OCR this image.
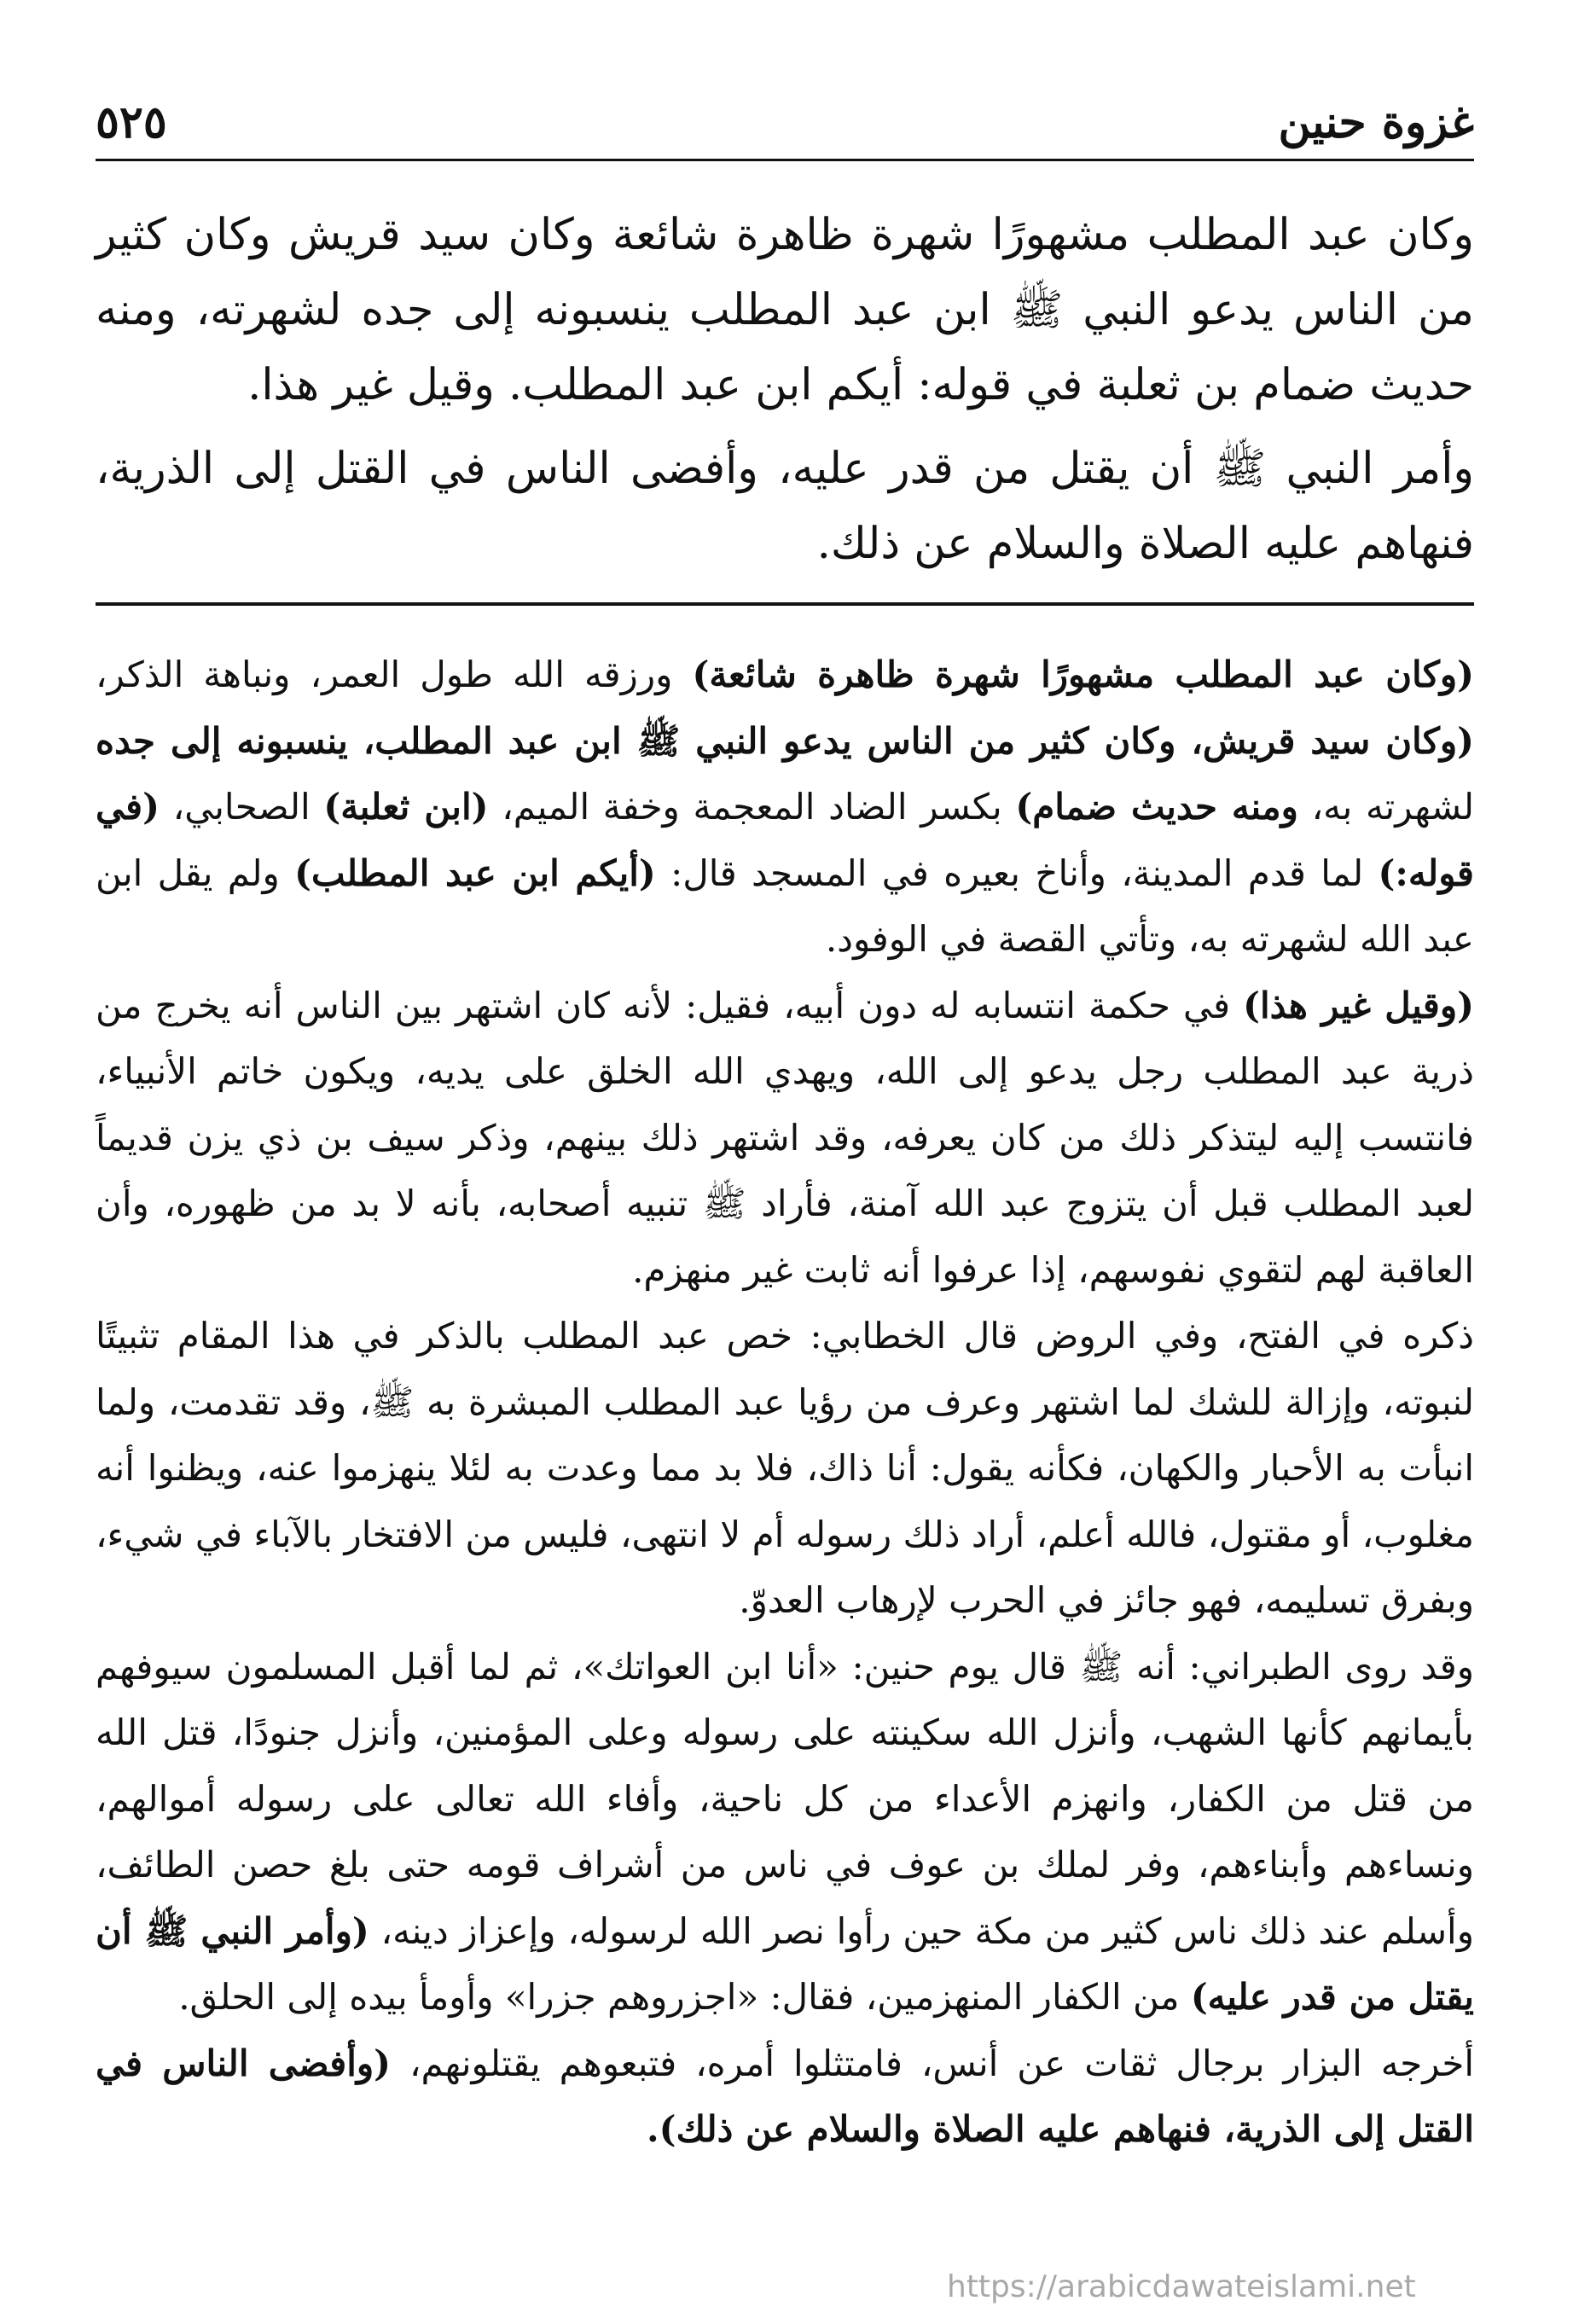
غزوة حنين
٥٢٥

وكان عبد المطلب مشهورًا شهرة ظاهرة شائعة وكان سيد قريش وكان كثير من الناس يدعو النبي ﷺ ابن عبد المطلب ينسبونه إلى جده لشهرته، ومنه حديث ضمام بن ثعلبة في قوله: أيكم ابن عبد المطلب. وقيل غير هذا.

وأمر النبي ﷺ أن يقتل من قدر عليه، وأفضى الناس في القتل إلى الذرية، فنهاهم عليه الصلاة والسلام عن ذلك.

(وكان عبد المطلب مشهورًا شهرة ظاهرة شائعة) ورزقه الله طول العمر، ونباهة الذكر، (وكان سيد قريش، وكان كثير من الناس يدعو النبي ﷺ ابن عبد المطلب، ينسبونه إلى جده لشهرته به، ومنه حديث ضمام) بكسر الضاد المعجمة وخفة الميم، (ابن ثعلبة) الصحابي، (في قوله:) لما قدم المدينة، وأناخ بعيره في المسجد قال: (أيكم ابن عبد المطلب) ولم يقل ابن عبد الله لشهرته به، وتأتي القصة في الوفود.

(وقيل غير هذا) في حكمة انتسابه له دون أبيه، فقيل: لأنه كان اشتهر بين الناس أنه يخرج من ذرية عبد المطلب رجل يدعو إلى الله، ويهدي الله الخلق على يديه، ويكون خاتم الأنبياء، فانتسب إليه ليتذكر ذلك من كان يعرفه، وقد اشتهر ذلك بينهم، وذكر سيف بن ذي يزن قديماً لعبد المطلب قبل أن يتزوج عبد الله آمنة، فأراد ﷺ تنبيه أصحابه، بأنه لا بد من ظهوره، وأن العاقبة لهم لتقوي نفوسهم، إذا عرفوا أنه ثابت غير منهزم.

ذكره في الفتح، وفي الروض قال الخطابي: خص عبد المطلب بالذكر في هذا المقام تثبيتًا لنبوته، وإزالة للشك لما اشتهر وعرف من رؤيا عبد المطلب المبشرة به ﷺ، وقد تقدمت، ولما انبأت به الأحبار والكهان، فكأنه يقول: أنا ذاك، فلا بد مما وعدت به لئلا ينهزموا عنه، ويظنوا أنه مغلوب، أو مقتول، فالله أعلم، أراد ذلك رسوله أم لا انتهى، فليس من الافتخار بالآباء في شيء، وبفرق تسليمه، فهو جائز في الحرب لإرهاب العدوّ.

وقد روى الطبراني: أنه ﷺ قال يوم حنين: «أنا ابن العواتك»، ثم لما أقبل المسلمون سيوفهم بأيمانهم كأنها الشهب، وأنزل الله سكينته على رسوله وعلى المؤمنين، وأنزل جنودًا، قتل الله من قتل من الكفار، وانهزم الأعداء من كل ناحية، وأفاء الله تعالى على رسوله أموالهم، ونساءهم وأبناءهم، وفر لملك بن عوف في ناس من أشراف قومه حتى بلغ حصن الطائف، وأسلم عند ذلك ناس كثير من مكة حين رأوا نصر الله لرسوله، وإعزاز دينه، (وأمر النبي ﷺ أن يقتل من قدر عليه) من الكفار المنهزمين، فقال: «اجزروهم جزرا» وأومأ بيده إلى الحلق.

أخرجه البزار برجال ثقات عن أنس، فامتثلوا أمره، فتبعوهم يقتلونهم، (وأفضى الناس في القتل إلى الذرية، فنهاهم عليه الصلاة والسلام عن ذلك).

https://arabicdawateislami.net
